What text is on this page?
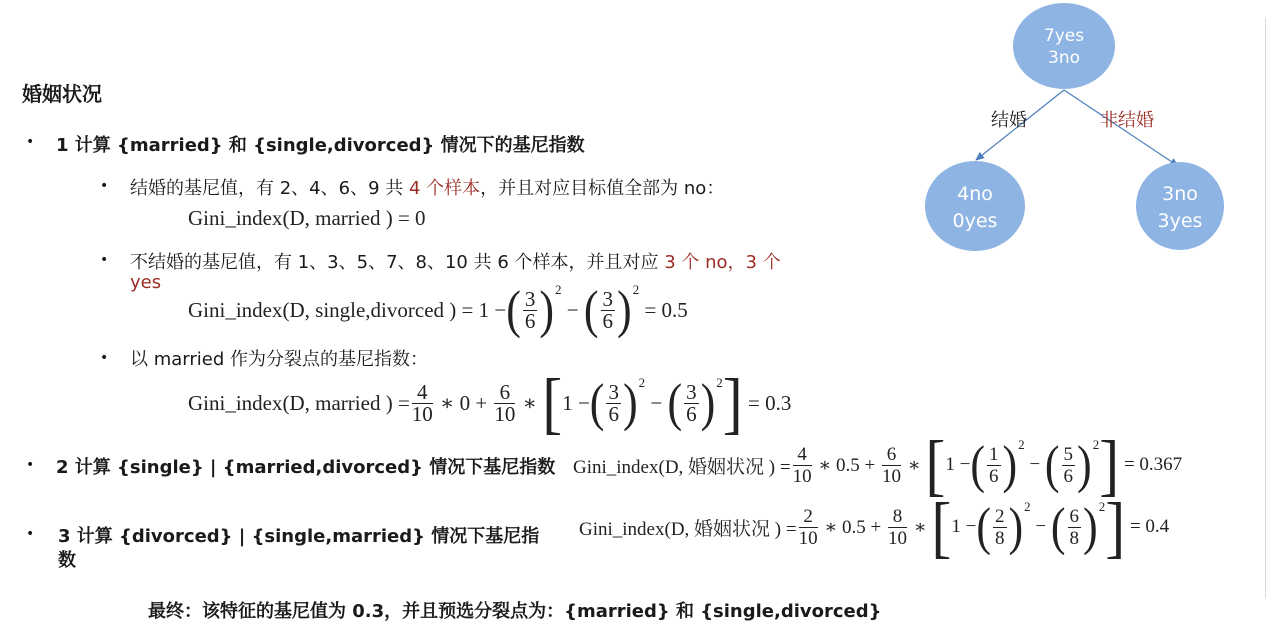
婚姻状况
• 1 计算 {married} 和 {single,divorced} 情况下的基尼指数
• 结婚的基尼值，有 2、4、6、9 共 4 个样本，并且对应目标值全部为 no：
Gini_index(D, married ) = 0
• 不结婚的基尼值，有 1、3、5、7、8、10 共 6 个样本，并且对应 3 个 no，3 个
yes
Gini_index(D, single,divorced ) = 1 − ( $\frac{3}{6}$ ) 2
− ( $\frac{3}{6}$ ) 2

= 0.5
• 以 married 作为分裂点的基尼指数：
Gini_index(D, married ) = $\frac{4}{10}$ ∗ $0 + \frac{6}{10}$ ∗ [ 1 − ( $\frac{3}{6}$ ) 2
− ( $\frac{3}{6}$ ) 2 ]
= 0.3
• 2 计算 {single} | {married,divorced} 情况下基尼指数 Gini_index(D, 婚姻状况 ) = $\frac{4}{10}$ ∗ $0.5 + \frac{6}{10}$ ∗ [ 1 − ( $\frac{1}{6}$ ) 2
− ( $\frac{5}{6}$ ) 2 ]
= 0.367
• 3 计算 {divorced} | {single,married} 情况下基尼指
数
Gini_index(D, 婚姻状况 ) = $\frac{2}{10}$ ∗ $0.5 + \frac{8}{10}$ ∗ [ 1 − ( $\frac{2}{8}$ ) 2
− ( $\frac{6}{8}$ ) 2 ]
= 0.4
最终：该特征的基尼值为 0.3，并且预选分裂点为：{married} 和 {single,divorced}
7yes
3no
4no
0yes
3no
3yes
结婚	非结婚
